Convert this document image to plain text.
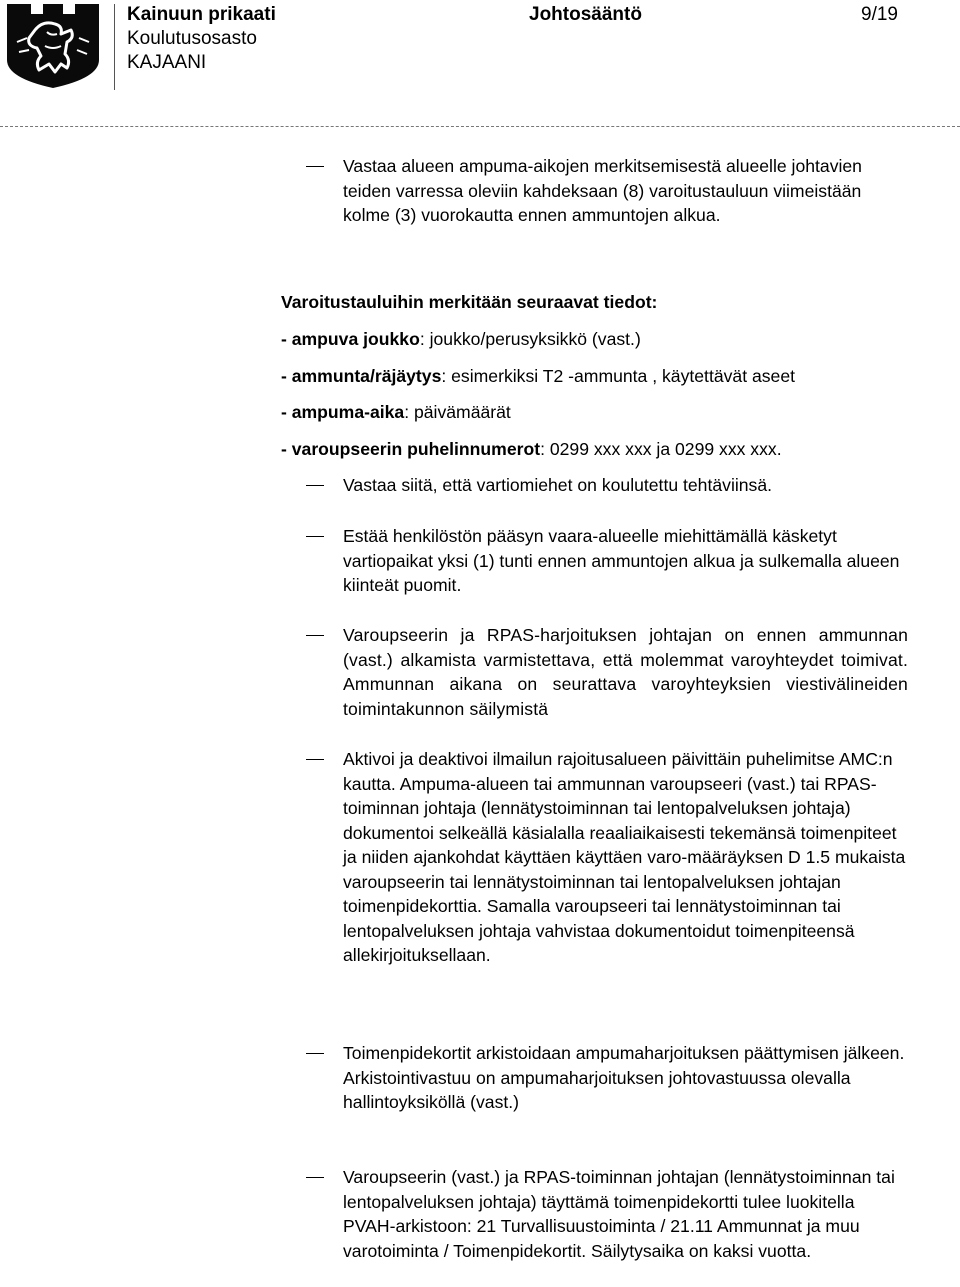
Kainuun prikaati
Koulutusosasto
KAJAANI
Johtosääntö	9/19
Vastaa alueen ampuma-aikojen merkitsemisestä alueelle johtavien teiden varressa oleviin kahdeksaan (8) varoitustauluun viimeistään kolme (3) vuorokautta ennen ammuntojen alkua.
Varoitustauluihin merkitään seuraavat tiedot:
- ampuva joukko: joukko/perusyksikkö (vast.)
- ammunta/räjäytys: esimerkiksi T2 -ammunta , käytettävät aseet
- ampuma-aika: päivämäärät
- varoupseerin puhelinnumerot: 0299 xxx xxx ja 0299 xxx xxx.
Vastaa siitä, että vartiomiehet on koulutettu tehtäviinsä.
Estää henkilöstön pääsyn vaara-alueelle miehittämällä käsketyt vartiopaikat yksi (1) tunti ennen ammuntojen alkua ja sulkemalla alueen kiinteät puomit.
Varoupseerin ja RPAS-harjoituksen johtajan on ennen ammunnan (vast.) alkamista varmistettava, että molemmat varoyhteydet toimivat. Ammunnan aikana on seurattava varoyhteyksien viestivälineiden toimintakunnon säilymistä
Aktivoi ja deaktivoi ilmailun rajoitusalueen päivittäin puhelimitse AMC:n kautta. Ampuma-alueen tai ammunnan varoupseeri (vast.) tai RPAS-toiminnan johtaja (lennätystoiminnan tai lentopalveluksen johtaja) dokumentoi selkeällä käsialalla reaaliaikaisesti tekemänsä toimenpiteet ja niiden ajankohdat käyttäen käyttäen varo-määräyksen D 1.5 mukaista varoupseerin tai lennätystoiminnan tai lentopalveluksen johtajan toimenpidekorttia. Samalla varoupseeri tai lennätystoiminnan tai lentopalveluksen johtaja vahvistaa dokumentoidut toimenpiteensä allekirjoituksellaan.
Toimenpidekortit arkistoidaan ampumaharjoituksen päättymisen jälkeen. Arkistointivastuu on ampumaharjoituksen johtovastuussa olevalla hallintoyksiköllä (vast.)
Varoupseerin (vast.) ja RPAS-toiminnan johtajan (lennätystoiminnan tai lentopalveluksen johtaja) täyttämä toimenpidekortti tulee luokitella PVAH-arkistoon: 21 Turvallisuustoiminta / 21.11 Ammunnat ja muu varotoiminta / Toimenpidekortit. Säilytysaika on kaksi vuotta.
